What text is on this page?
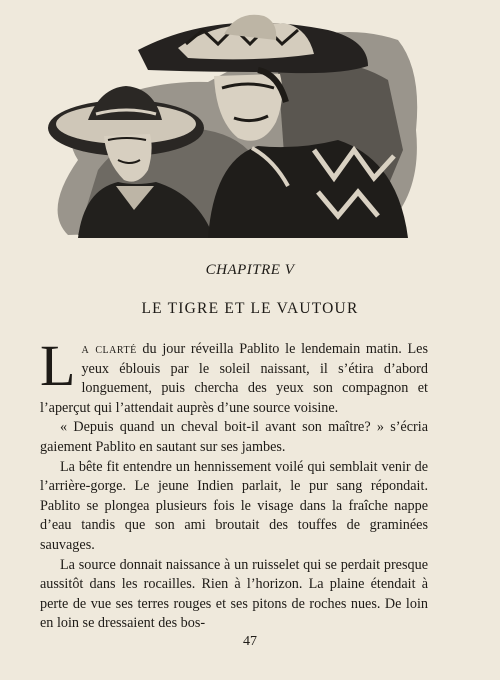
CHAPITRE V
LE TIGRE ET LE VAUTOUR

La clarté du jour réveilla Pablito le lendemain matin. Les yeux éblouis par le soleil naissant, il s’étira d’abord longuement, puis chercha des yeux son compagnon et l’aperçut qui l’attendait auprès d’une source voisine.

« Depuis quand un cheval boit-il avant son maître? » s’écria gaiement Pablito en sautant sur ses jambes.

La bête fit entendre un hennissement voilé qui semblait venir de l’arrière-gorge. Le jeune Indien parlait, le pur sang répondait. Pablito se plongea plusieurs fois le visage dans la fraîche nappe d’eau tandis que son ami broutait des touffes de graminées sauvages.

La source donnait naissance à un ruisselet qui se perdait presque aussitôt dans les rocailles. Rien à l’horizon. La plaine étendait à perte de vue ses terres rouges et ses pitons de roches nues. De loin en loin se dressaient des bos-

47
